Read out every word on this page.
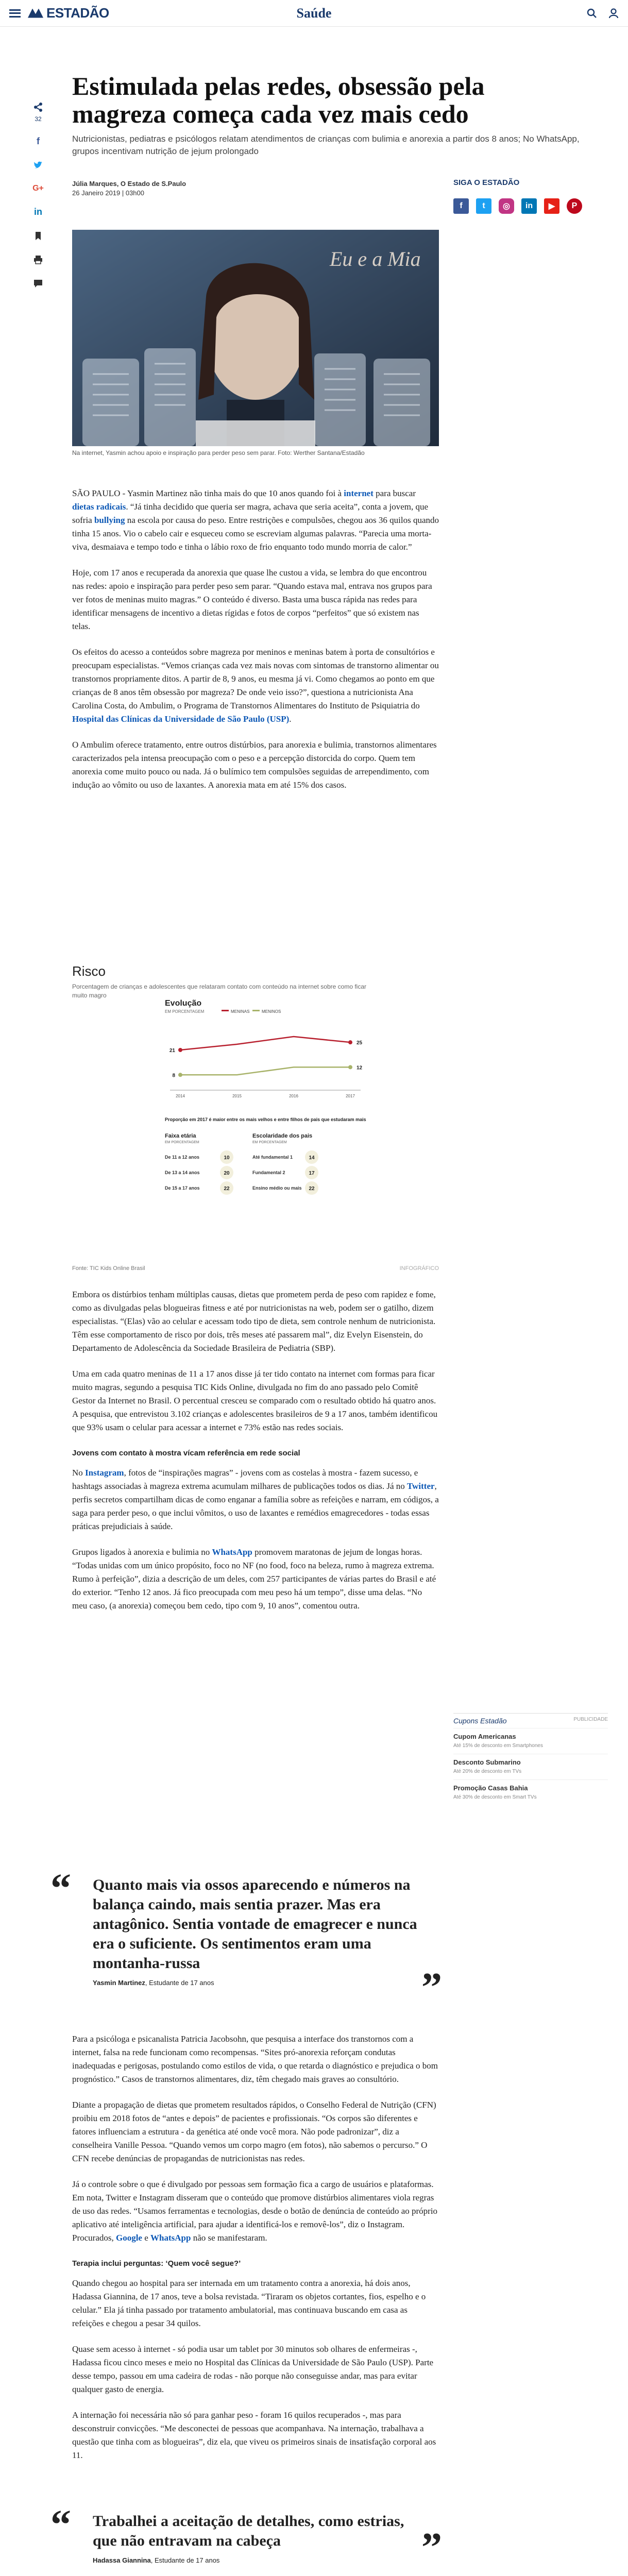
ESTADÃO	Saúde
32
f
G+
in
Estimulada pelas redes, obsessão pela magreza começa cada vez mais cedo

Nutricionistas, pediatras e psicólogos relatam atendimentos de crianças com bulimia e anorexia a partir dos 8 anos; No WhatsApp, grupos incentivam nutrição de jejum prolongado

Júlia Marques, O Estado de S.Paulo
26 Janeiro 2019 | 03h00
SIGA O ESTADÃO
f	t	◎	in	▶	P
Eu e a Mia

Na internet, Yasmin achou apoio e inspiração para perder peso sem parar. Foto: Werther Santana/Estadão

SÃO PAULO - Yasmin Martinez não tinha mais do que 10 anos quando foi à internet para buscar dietas radicais. “Já tinha decidido que queria ser magra, achava que seria aceita”, conta a jovem, que sofria bullying na escola por causa do peso. Entre restrições e compulsões, chegou aos 36 quilos quando tinha 15 anos. Vio o cabelo cair e esqueceu como se escreviam algumas palavras. “Parecia uma morta-viva, desmaiava e tempo todo e tinha o lábio roxo de frio enquanto todo mundo morria de calor.”

Hoje, com 17 anos e recuperada da anorexia que quase lhe custou a vida, se lembra do que encontrou nas redes: apoio e inspiração para perder peso sem parar. “Quando estava mal, entrava nos grupos para ver fotos de meninas muito magras.” O conteúdo é diverso. Basta uma busca rápida nas redes para identificar mensagens de incentivo a dietas rígidas e fotos de corpos “perfeitos” que só existem nas telas.

Os efeitos do acesso a conteúdos sobre magreza por meninos e meninas batem à porta de consultórios e preocupam especialistas. “Vemos crianças cada vez mais novas com sintomas de transtorno alimentar ou transtornos propriamente ditos. A partir de 8, 9 anos, eu mesma já vi. Como chegamos ao ponto em que crianças de 8 anos têm obsessão por magreza? De onde veio isso?”, questiona a nutricionista Ana Carolina Costa, do Ambulim, o Programa de Transtornos Alimentares do Instituto de Psiquiatria do Hospital das Clínicas da Universidade de São Paulo (USP).

O Ambulim oferece tratamento, entre outros distúrbios, para anorexia e bulimia, transtornos alimentares caracterizados pela intensa preocupação com o peso e a percepção distorcida do corpo. Quem tem anorexia come muito pouco ou nada. Já o bulímico tem compulsões seguidas de arrependimento, com indução ao vômito ou uso de laxantes. A anorexia mata em até 15% dos casos.

Risco

Porcentagem de crianças e adolescentes que relataram contato com conteúdo na internet sobre como ficar muito magro

Evolução
EM PORCENTAGEM	MENINAS	MENINOS
2014	2015	2016	2017
21
25
8
12
Proporção em 2017 é maior entre os mais velhos e entre filhos de pais que estudaram mais
Faixa etária
EM PORCENTAGEM
Escolaridade dos pais
EM PORCENTAGEM
De 11 a 12 anos	10
De 13 a 14 anos	20
De 15 a 17 anos	22
Até fundamental 1	14
Fundamental 2	17
Ensino médio ou mais 22
Fonte: TIC Kids Online Brasil	INFOGRÁFICO

Embora os distúrbios tenham múltiplas causas, dietas que prometem perda de peso com rapidez e fome, como as divulgadas pelas blogueiras fitness e até por nutricionistas na web, podem ser o gatilho, dizem especialistas. “(Elas) vão ao celular e acessam todo tipo de dieta, sem controle nenhum de nutricionista. Têm esse comportamento de risco por dois, três meses até passarem mal”, diz Evelyn Eisenstein, do Departamento de Adolescência da Sociedade Brasileira de Pediatria (SBP).

Uma em cada quatro meninas de 11 a 17 anos disse já ter tido contato na internet com formas para ficar muito magras, segundo a pesquisa TIC Kids Online, divulgada no fim do ano passado pelo Comitê Gestor da Internet no Brasil. O percentual cresceu se comparado com o resultado obtido há quatro anos. A pesquisa, que entrevistou 3.102 crianças e adolescentes brasileiros de 9 a 17 anos, também identificou que 93% usam o celular para acessar a internet e 73% estão nas redes sociais.

Jovens com contato à mostra vícam referência em rede social

No Instagram, fotos de “inspirações magras” - jovens com as costelas à mostra - fazem sucesso, e hashtags associadas à magreza extrema acumulam milhares de publicações todos os dias. Já no Twitter, perfis secretos compartilham dicas de como enganar a família sobre as refeições e narram, em códigos, a saga para perder peso, o que inclui vômitos, o uso de laxantes e remédios emagrecedores - todas essas práticas prejudiciais à saúde.

Grupos ligados à anorexia e bulimia no WhatsApp promovem maratonas de jejum de longas horas. “Todas unidas com um único propósito, foco no NF (no food, foco na beleza, rumo à magreza extrema. Rumo à perfeição”, dizia a descrição de um deles, com 257 participantes de várias partes do Brasil e até do exterior. “Tenho 12 anos. Já fico preocupada com meu peso há um tempo”, disse uma delas. “No meu caso, (a anorexia) começou bem cedo, tipo com 9, 10 anos”, comentou outra.

Cupons Estadão	PUBLICIDADE
Cupom Americanas
Até 15% de desconto em Smartphones
Desconto Submarino
Até 20% de desconto em TVs
Promoção Casas Bahia
Até 30% de desconto em Smart TVs
“	Quanto mais via ossos aparecendo e números na balança caindo, mais sentia prazer. Mas era antagônico. Sentia vontade de emagrecer e nunca era o suficiente. Os sentimentos eram uma montanha-russa
”
Yasmin Martinez, Estudante de 17 anos

Para a psicóloga e psicanalista Patricia Jacobsohn, que pesquisa a interface dos transtornos com a internet, falsa na rede funcionam como recompensas. “Sites pró-anorexia reforçam condutas inadequadas e perigosas, postulando como estilos de vida, o que retarda o diagnóstico e prejudica o bom prognóstico.” Casos de transtornos alimentares, diz, têm chegado mais graves ao consultório.

Diante a propagação de dietas que prometem resultados rápidos, o Conselho Federal de Nutrição (CFN) proibiu em 2018 fotos de “antes e depois” de pacientes e profissionais. “Os corpos são diferentes e fatores influenciam a estrutura - da genética até onde você mora. Não pode padronizar”, diz a conselheira Vanille Pessoa. “Quando vemos um corpo magro (em fotos), não sabemos o percurso.” O CFN recebe denúncias de propagandas de nutricionistas nas redes.

Já o controle sobre o que é divulgado por pessoas sem formação fica a cargo de usuários e plataformas. Em nota, Twitter e Instagram disseram que o conteúdo que promove distúrbios alimentares viola regras de uso das redes. “Usamos ferramentas e tecnologias, desde o botão de denúncia de conteúdo ao próprio aplicativo até inteligência artificial, para ajudar a identificá-los e removê-los”, diz o Instagram. Procurados, Google e WhatsApp não se manifestaram.

Terapia inclui perguntas: ‘Quem você segue?’

Quando chegou ao hospital para ser internada em um tratamento contra a anorexia, há dois anos, Hadassa Giannina, de 17 anos, teve a bolsa revistada. “Tiraram os objetos cortantes, fios, espelho e o celular.” Ela já tinha passado por tratamento ambulatorial, mas continuava buscando em casa as refeições e chegou a pesar 34 quilos.

Quase sem acesso à internet - só podia usar um tablet por 30 minutos sob olhares de enfermeiras -, Hadassa ficou cinco meses e meio no Hospital das Clínicas da Universidade de São Paulo (USP). Parte desse tempo, passou em uma cadeira de rodas - não porque não conseguisse andar, mas para evitar qualquer gasto de energia.

A internação foi necessária não só para ganhar peso - foram 16 quilos recuperados -, mas para desconstruir convicções. “Me desconectei de pessoas que acompanhava. Na internação, trabalhava a questão que tinha com as blogueiras”, diz ela, que viveu os primeiros sinais de insatisfação corporal aos 11.

“	Trabalhei a aceitação de detalhes, como estrias, que não entravam na cabeça	”
Hadassa Giannina, Estudante de 17 anos
